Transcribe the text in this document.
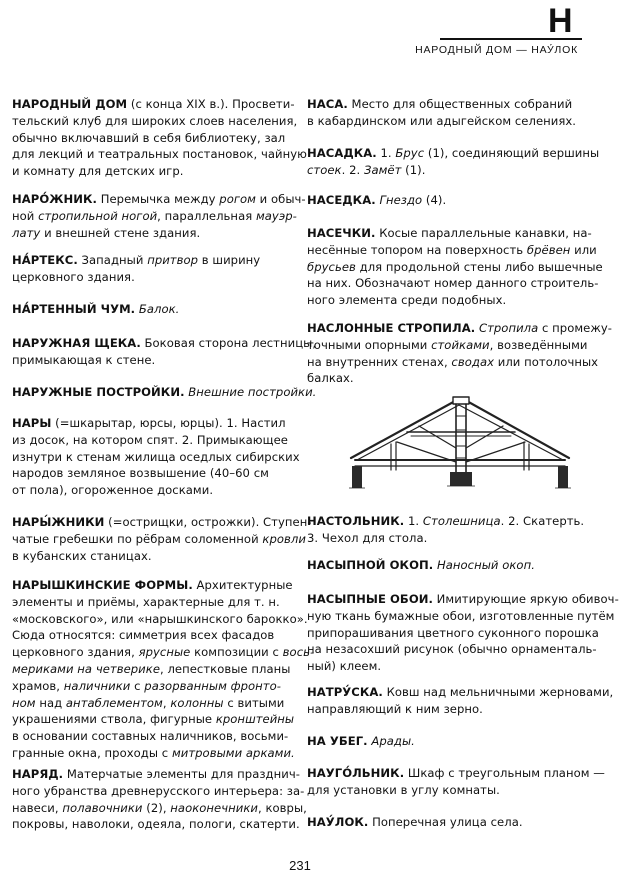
Н
НАРОДНЫЙ ДОМ — НАУ́ЛОК
НАРОДНЫЙ ДОМ (с конца XIX в.). Просвети-
тельский клуб для широких слоев населения,
обычно включавший в себя библиотеку, зал
для лекций и театральных постановок, чайную
и комнату для детских игр.
НАРО́ЖНИК. Перемычка между рогом и обыч-
ной стропильной ногой, параллельная мауэр-
лату и внешней стене здания.
НА́РТЕКС. Западный притвор в ширину
церковного здания.
НА́РТЕННЫЙ ЧУМ. Балок.
НАРУЖНАЯ ЩЕКА. Боковая сторона лестницы,
примыкающая к стене.
НАРУЖНЫЕ ПОСТРОЙКИ. Внешние постройки.
НАРЫ (=шкарытар, юрсы, юрцы). 1. Настил
из досок, на котором спят. 2. Примыкающее
изнутри к стенам жилища оседлых сибирских
народов земляное возвышение (40–60 см
от пола), огороженное досками.
НАРЫ́ЖНИКИ (=острищки, острожки). Ступен-
чатые гребешки по рёбрам соломенной кровли
в кубанских станицах.
НАРЫШКИНСКИЕ ФОРМЫ. Архитектурные
элементы и приёмы, характерные для т. н.
«московского», или «нарышкинского барокко».
Сюда относятся: симметрия всех фасадов
церковного здания, ярусные композиции с вось-
мериками на четверике, лепестковые планы
храмов, наличники с разорванным фронто-
ном над антаблементом, колонны с витыми
украшениями ствола, фигурные кронштейны
в основании составных наличников, восьми-
гранные окна, проходы с митровыми арками.
НАРЯД. Матерчатые элементы для празднич-
ного убранства древнерусского интерьера: за-
навеси, полавочники (2), наоконечники, ковры,
покровы, наволоки, одеяла, пологи, скатерти.
НАСА. Место для общественных собраний
в кабардинском или адыгейском селениях.
НАСАДКА. 1. Брус (1), соединяющий вершины
стоек. 2. Замёт (1).
НАСЕДКА. Гнездо (4).
НАСЕЧКИ. Косые параллельные канавки, на-
несённые топором на поверхность брёвен или
брусьев для продольной стены либо вышечные
на них. Обозначают номер данного строитель-
ного элемента среди подобных.
НАСЛОННЫЕ СТРОПИЛА. Стропила с промежу-
точными опорными стойками, возведёнными
на внутренних стенах, сводах или потолочных
балках.
НАСТОЛЬНИК. 1. Столешница. 2. Скатерть.
3. Чехол для стола.
НАСЫПНОЙ ОКОП. Наносный окоп.
НАСЫПНЫЕ ОБОИ. Имитирующие яркую обивоч-
ную ткань бумажные обои, изготовленные путём
припорашивания цветного суконного порошка
на незасохший рисунок (обычно орнаменталь-
ный) клеем.
НАТРУ́СКА. Ковш над мельничными жерновами,
направляющий к ним зерно.
НА УБЕГ. Арады.
НАУГО́ЛЬНИК. Шкаф с треугольным планом —
для установки в углу комнаты.
НАУ́ЛОК. Поперечная улица села.
231
